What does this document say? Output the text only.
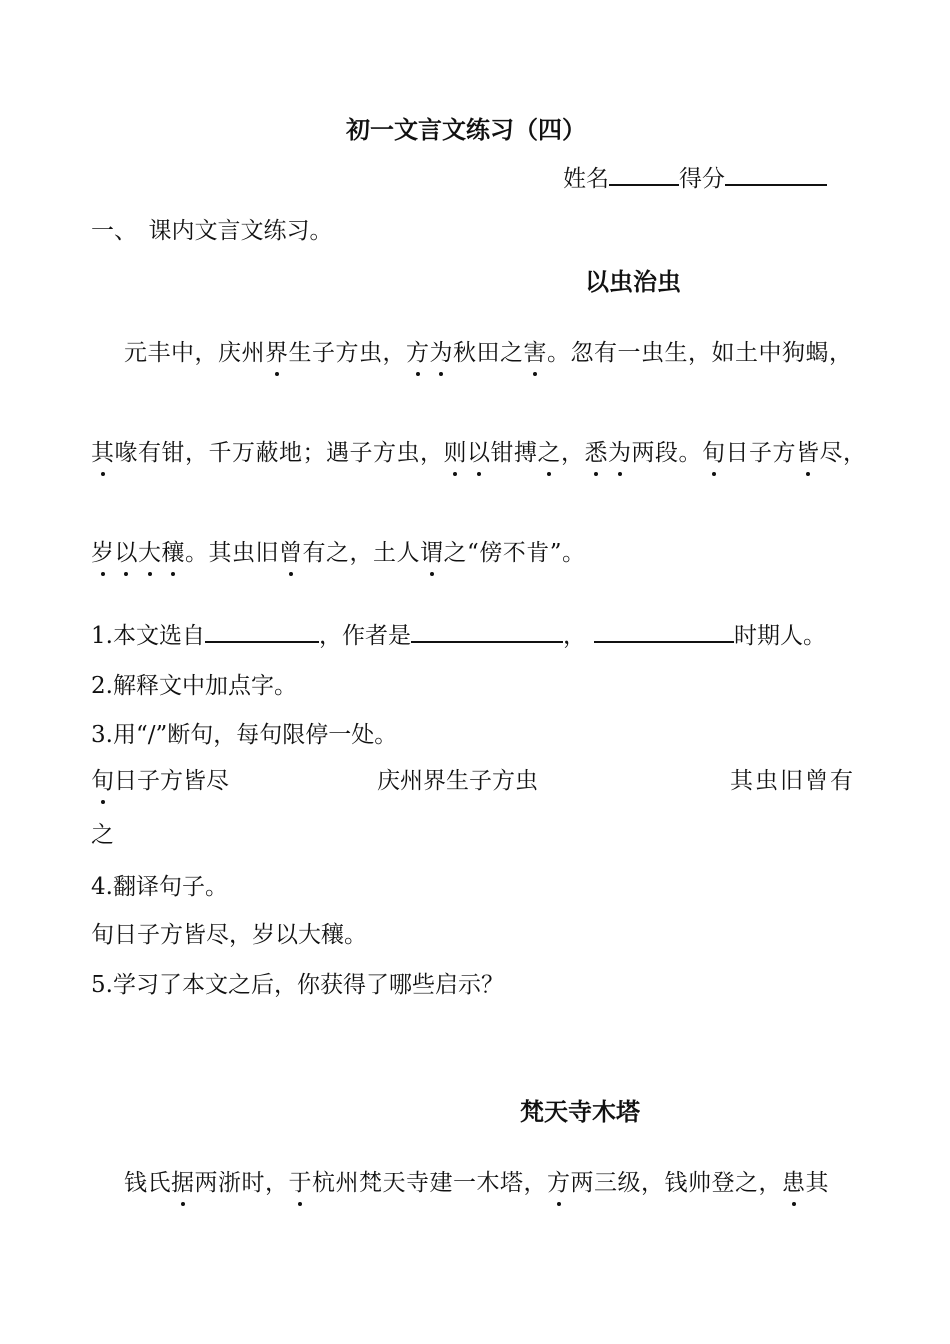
初一文言文练习（四）
姓名	得分
一、　课内文言文练习。
以虫治虫
元丰中，庆州界生子方虫，方为秋田之害。忽有一虫生，如土中狗蝎，
其喙有钳，千万蔽地；遇子方虫，则以钳搏之，悉为两段。旬日子方皆尽，
岁以大穰。其虫旧曾有之，土人谓之“傍不肯”。
1.本文选自	，作者是	，	时期人。
2.解释文中加点字。
3.用“/”断句，每句限停一处。
旬日子方皆尽	庆州界生子方虫	其虫旧曾有
之
4.翻译句子。
旬日子方皆尽，岁以大穰。
5.学习了本文之后，你获得了哪些启示？
梵天寺木塔
钱氏据两浙时，于杭州梵天寺建一木塔，方两三级，钱帅登之，患其
